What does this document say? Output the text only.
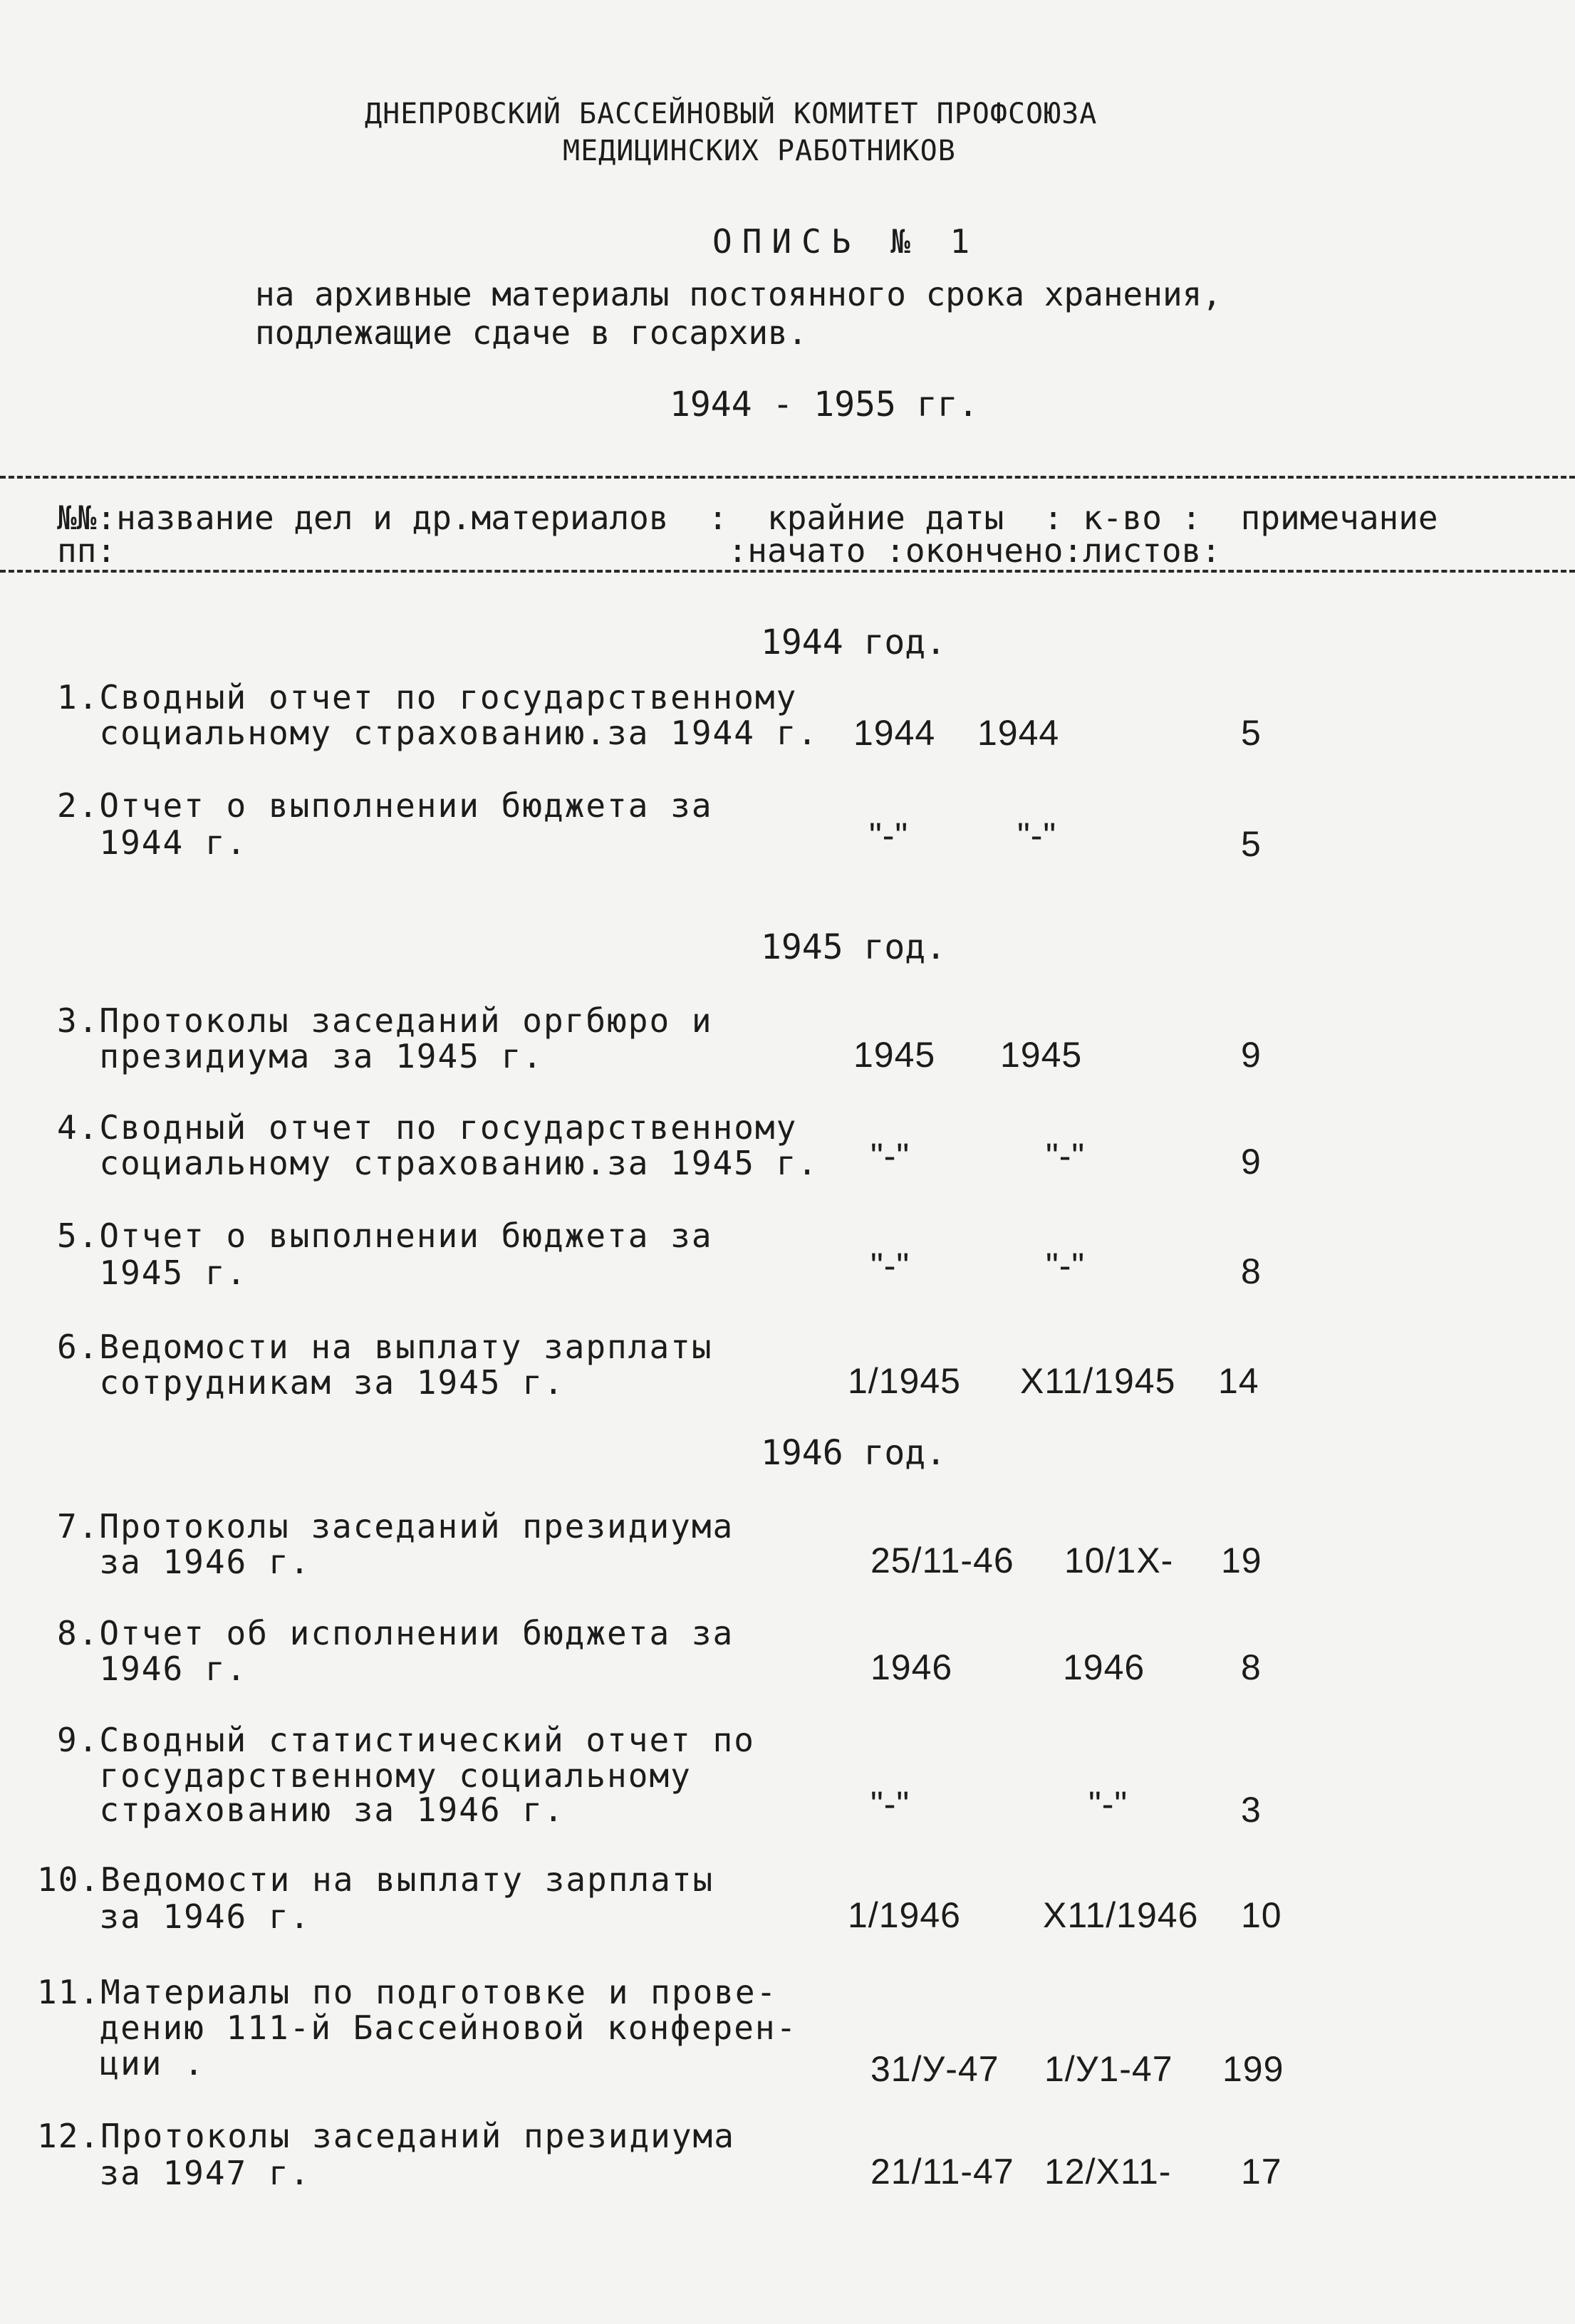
ДНЕПРОВСКИЙ БАССЕЙНОВЫЙ КОМИТЕТ ПРОФСОЮЗА
МЕДИЦИНСКИХ РАБОТНИКОВ
ОПИСЬ № 1
на архивные материалы постоянного срока хранения,
подлежащие сдаче в госархив.
1944 - 1955 гг.
№№:название дел и др.материалов  :  крайние даты  : к-во :  примечание
пп:                               :начато :окончено:листов:
1944 год.
1.Сводный отчет по государственному
социальному страхованию.за 1944 г. 1944 1944	5
2.Отчет о выполнении бюджета за
1944 г.	"-"	"-"	5
1945 год.
3.Протоколы заседаний оргбюро и
президиума за 1945 г.	1945 1945	9
4.Сводный отчет по государственному
социальному страхованию.за 1945 г. "-"	"-"	9
5.Отчет о выполнении бюджета за
1945 г.	"-"	"-"	8
6.Ведомости на выплату зарплаты
сотрудникам за 1945 г.	1/1945 Х11/1945 14
1946 год.
7.Протоколы заседаний президиума
за 1946 г.	25/11-46 10/1Х- 19
8.Отчет об исполнении бюджета за
1946 г.	1946	1946	8
9.Сводный статистический отчет по
государственному социальному
страхованию за 1946 г.	"-"	"-"	3
10.Ведомости на выплату зарплаты
за 1946 г.	1/1946 Х11/1946 10
11.Материалы по подготовке и прове-
дению 111-й Бассейновой конферен-
ции .	31/У-47 1/У1-47 199
12.Протоколы заседаний президиума
за 1947 г.	21/11-47 12/Х11- 17
